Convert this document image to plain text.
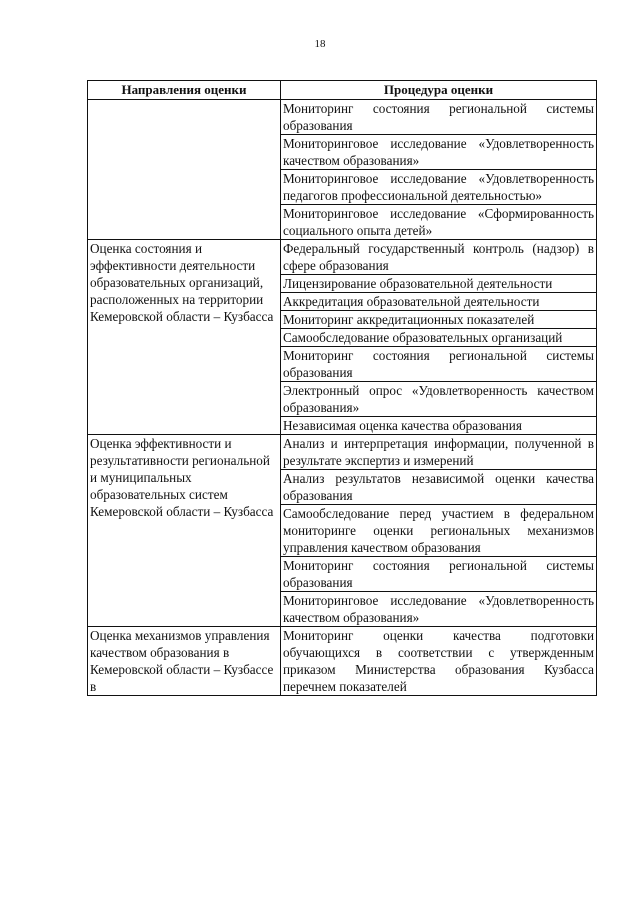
18
Направления оценки	Процедура оценки
	Мониторинг состояния региональной системы образования
	Мониторинговое исследование «Удовлетворенность качеством образования»
	Мониторинговое исследование «Удовлетворенность педагогов профессиональной деятельностью»
	Мониторинговое исследование «Сформированность социального опыта детей»
Оценка состояния и эффективности деятельности образовательных организаций, расположенных на территории Кемеровской области – Кузбасса	Федеральный государственный контроль (надзор) в сфере образования
	Лицензирование образовательной деятельности
	Аккредитация образовательной деятельности
	Мониторинг аккредитационных показателей
	Самообследование образовательных организаций
	Мониторинг состояния региональной системы образования
	Электронный опрос «Удовлетворенность качеством образования»
	Независимая оценка качества образования
Оценка эффективности и результативности региональной и муниципальных образовательных систем Кемеровской области – Кузбасса	Анализ и интерпретация информации, полученной в результате экспертиз и измерений
	Анализ результатов независимой оценки качества образования
	Самообследование перед участием в федеральном мониторинге оценки региональных механизмов управления качеством образования
	Мониторинг состояния региональной системы образования
	Мониторинговое исследование «Удовлетворенность качеством образования»
Оценка механизмов управления качеством образования в Кемеровской области – Кузбассе в	Мониторинг оценки качества подготовки обучающихся в соответствии с утвержденным приказом Министерства образования Кузбасса перечнем показателей
